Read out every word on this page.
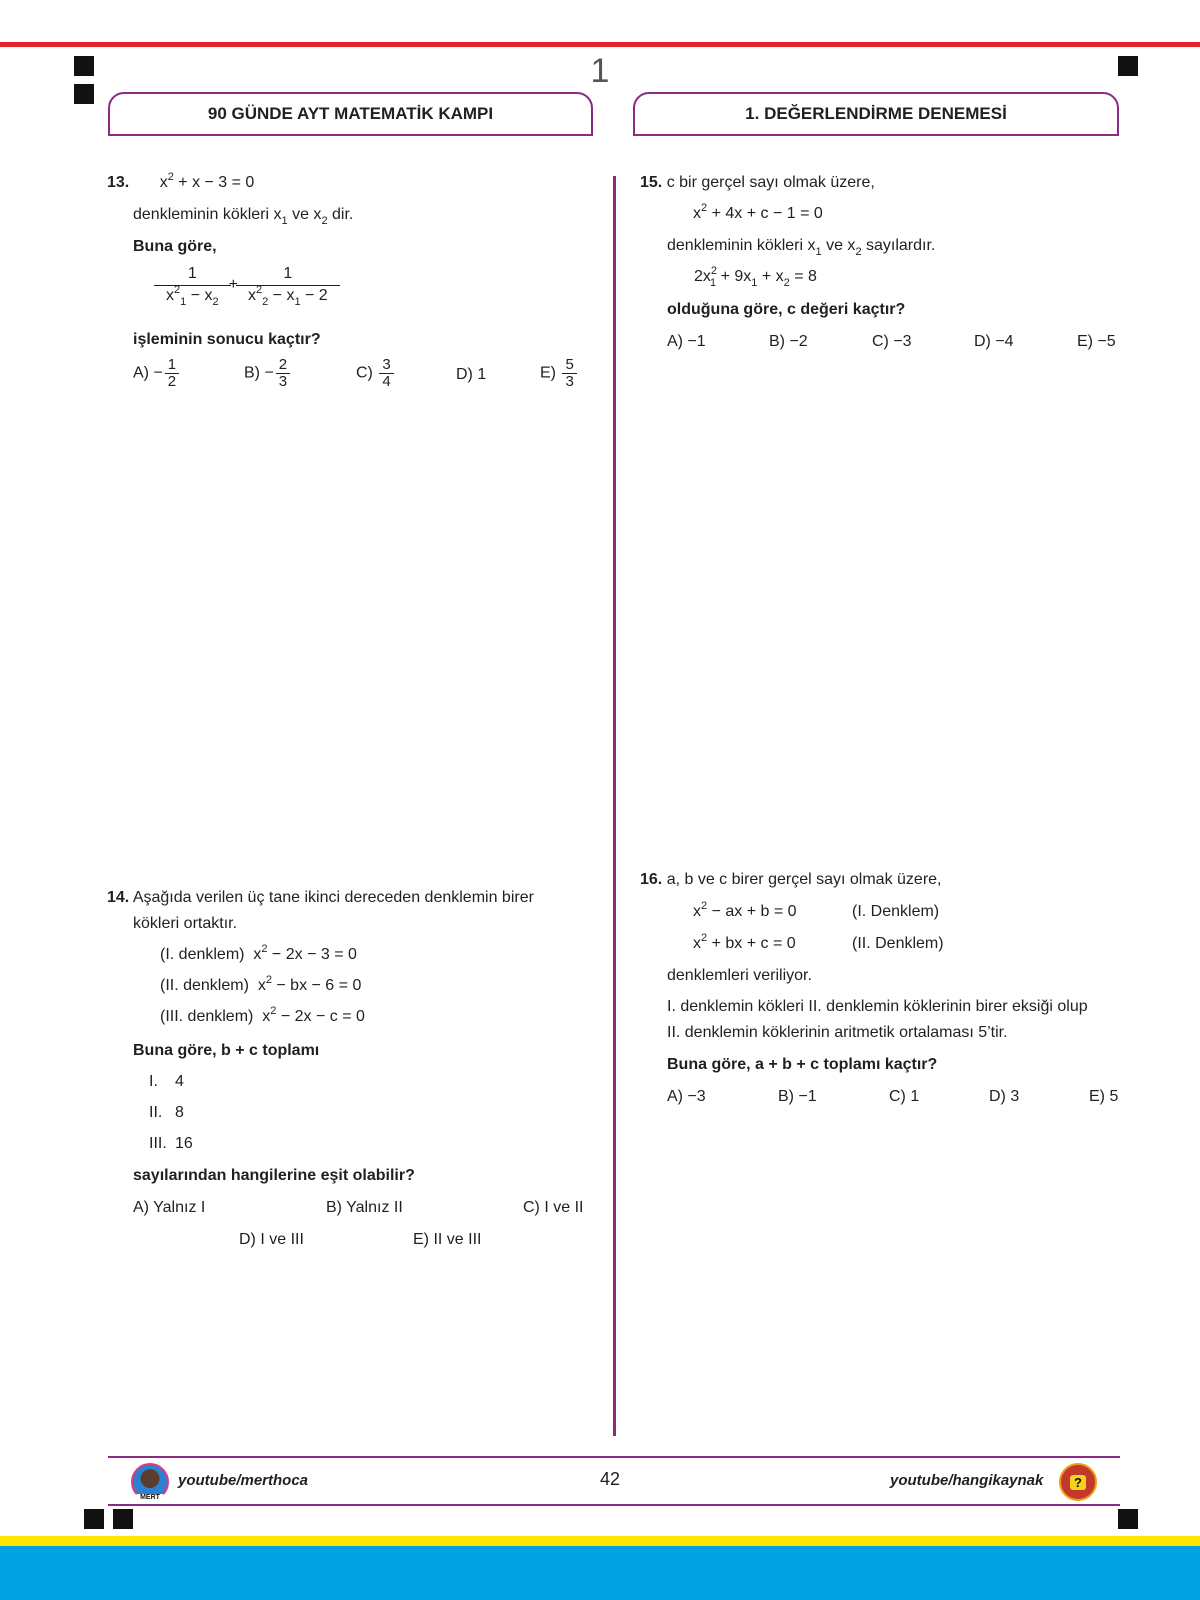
1
90 GÜNDE AYT MATEMATİK KAMPI	1. DEĞERLENDİRME DENEMESİ
13. $x^2 + x - 3 = 0$
denkleminin kökleri $x_1$ ve $x_2$ dir.
Buna göre,
1
$x^2_1 - x_2$
+ $\frac{1}{x^2_2 - x_1 - 2}$
işleminin sonucu kaçtır?
$A) - \frac{1}{2}$	$B) - \frac{2}{3}$	$C) \frac{3}{4}$	D) 1	$E) \frac{5}{3}$
15. c bir gerçel sayı olmak üzere,
$x^2 + 4x + c - 1 = 0$
denkleminin kökleri $x_1$ ve $x_2$ sayılardır.
$2x^2_1 + 9x_1 + x_2 = 8$
olduğuna göre, c değeri kaçtır?
A) −1	B) −2	C) −3	D) −4	E) −5
14. Aşağıda verilen üç tane ikinci dereceden denklemin birer
kökleri ortaktır.
(I. denklem) $x^2 - 2x - 3 = 0$
(II. denklem) $x^2$ − bx − 6 = 0
(III. denklem) $x^2 - 2x - c = 0$
Buna göre, b + c toplamı
I. 4
II. 8
III. 16
sayılarından hangilerine eşit olabilir?
A) Yalnız I	B) Yalnız II	C) I ve II
D) I ve III	E) II ve III
16. a, b ve c birer gerçel sayı olmak üzere,
$x^2$ − ax + b = 0	(I. Denklem)
$x^2$ + bx + c = 0	(II. Denklem)
denklemleri veriliyor.
I. denklemin kökleri II. denklemin köklerinin birer eksiği olup
II. denklemin köklerinin aritmetik ortalaması 5’tir.
Buna göre, a + b + c toplamı kaçtır?
A) −3	B) −1	C) 1	D) 3	E) 5
MERT
youtube/merthoca	42	youtube/hangikaynak	?
